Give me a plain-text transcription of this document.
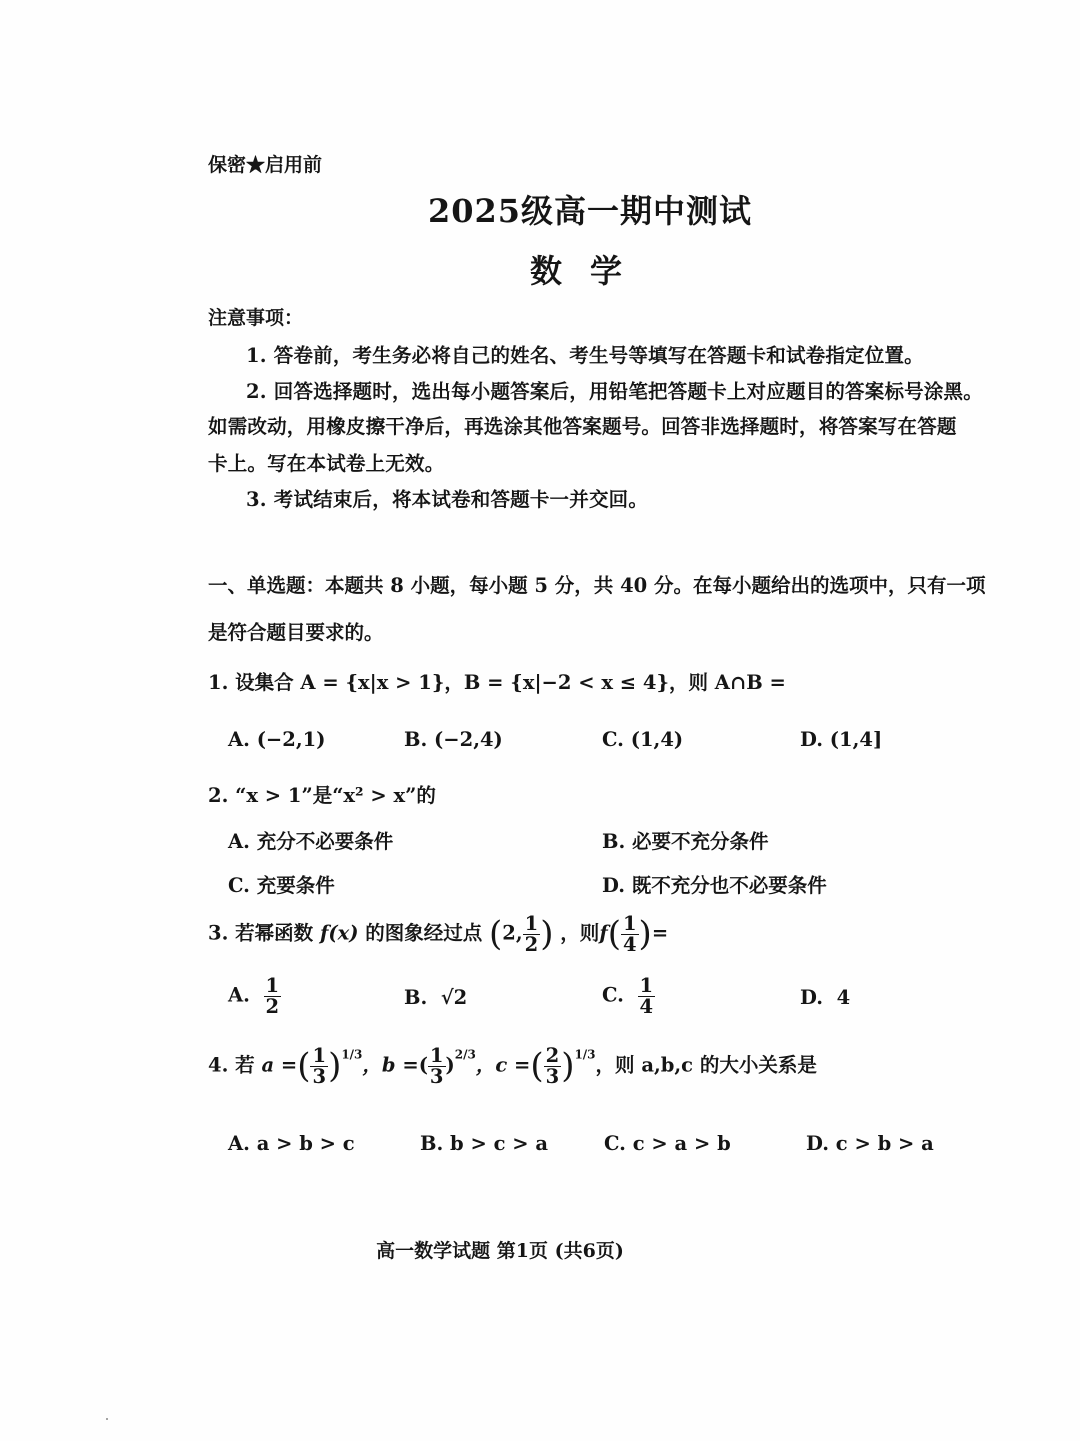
保密★启用前
2025级高一期中测试
数学
注意事项：
1. 答卷前，考生务必将自己的姓名、考生号等填写在答题卡和试卷指定位置。
2. 回答选择题时，选出每小题答案后，用铅笔把答题卡上对应题目的答案标号涂黑。
如需改动，用橡皮擦干净后，再选涂其他答案题号。回答非选择题时，将答案写在答题
卡上。写在本试卷上无效。
3. 考试结束后，将本试卷和答题卡一并交回。
一、单选题：本题共 8 小题，每小题 5 分，共 40 分。在每小题给出的选项中，只有一项
是符合题目要求的。
1. 设集合 A = {x|x > 1}，B = {x|−2 < x ≤ 4}，则 A∩B =
A. (−2,1)	B. (−2,4)	C. (1,4)	D. (1,4]
2. “x > 1”是“x² > x”的
A. 充分不必要条件	B. 必要不充分条件
C. 充要条件	D. 既不充分也不必要条件
3. 若幂函数 f(x) 的图象经过点 (2, $\frac{1}{2}$ ) ，则$f( \frac{1}{4}$ )=
A. $\frac{1}{2}$	B. √2	C. $\frac{1}{4}$	D. 4
4. 若 a =( $\frac{1}{3} )^{1/3}$，b =( $\frac{1}{3} )^{2/3}$，c =( $\frac{2}{3} )^{1/3}$，则 a,b,c 的大小关系是
A. a > b > c	B. b > c > a	C. c > a > b	D. c > b > a
高一数学试题 第1页 (共6页)
